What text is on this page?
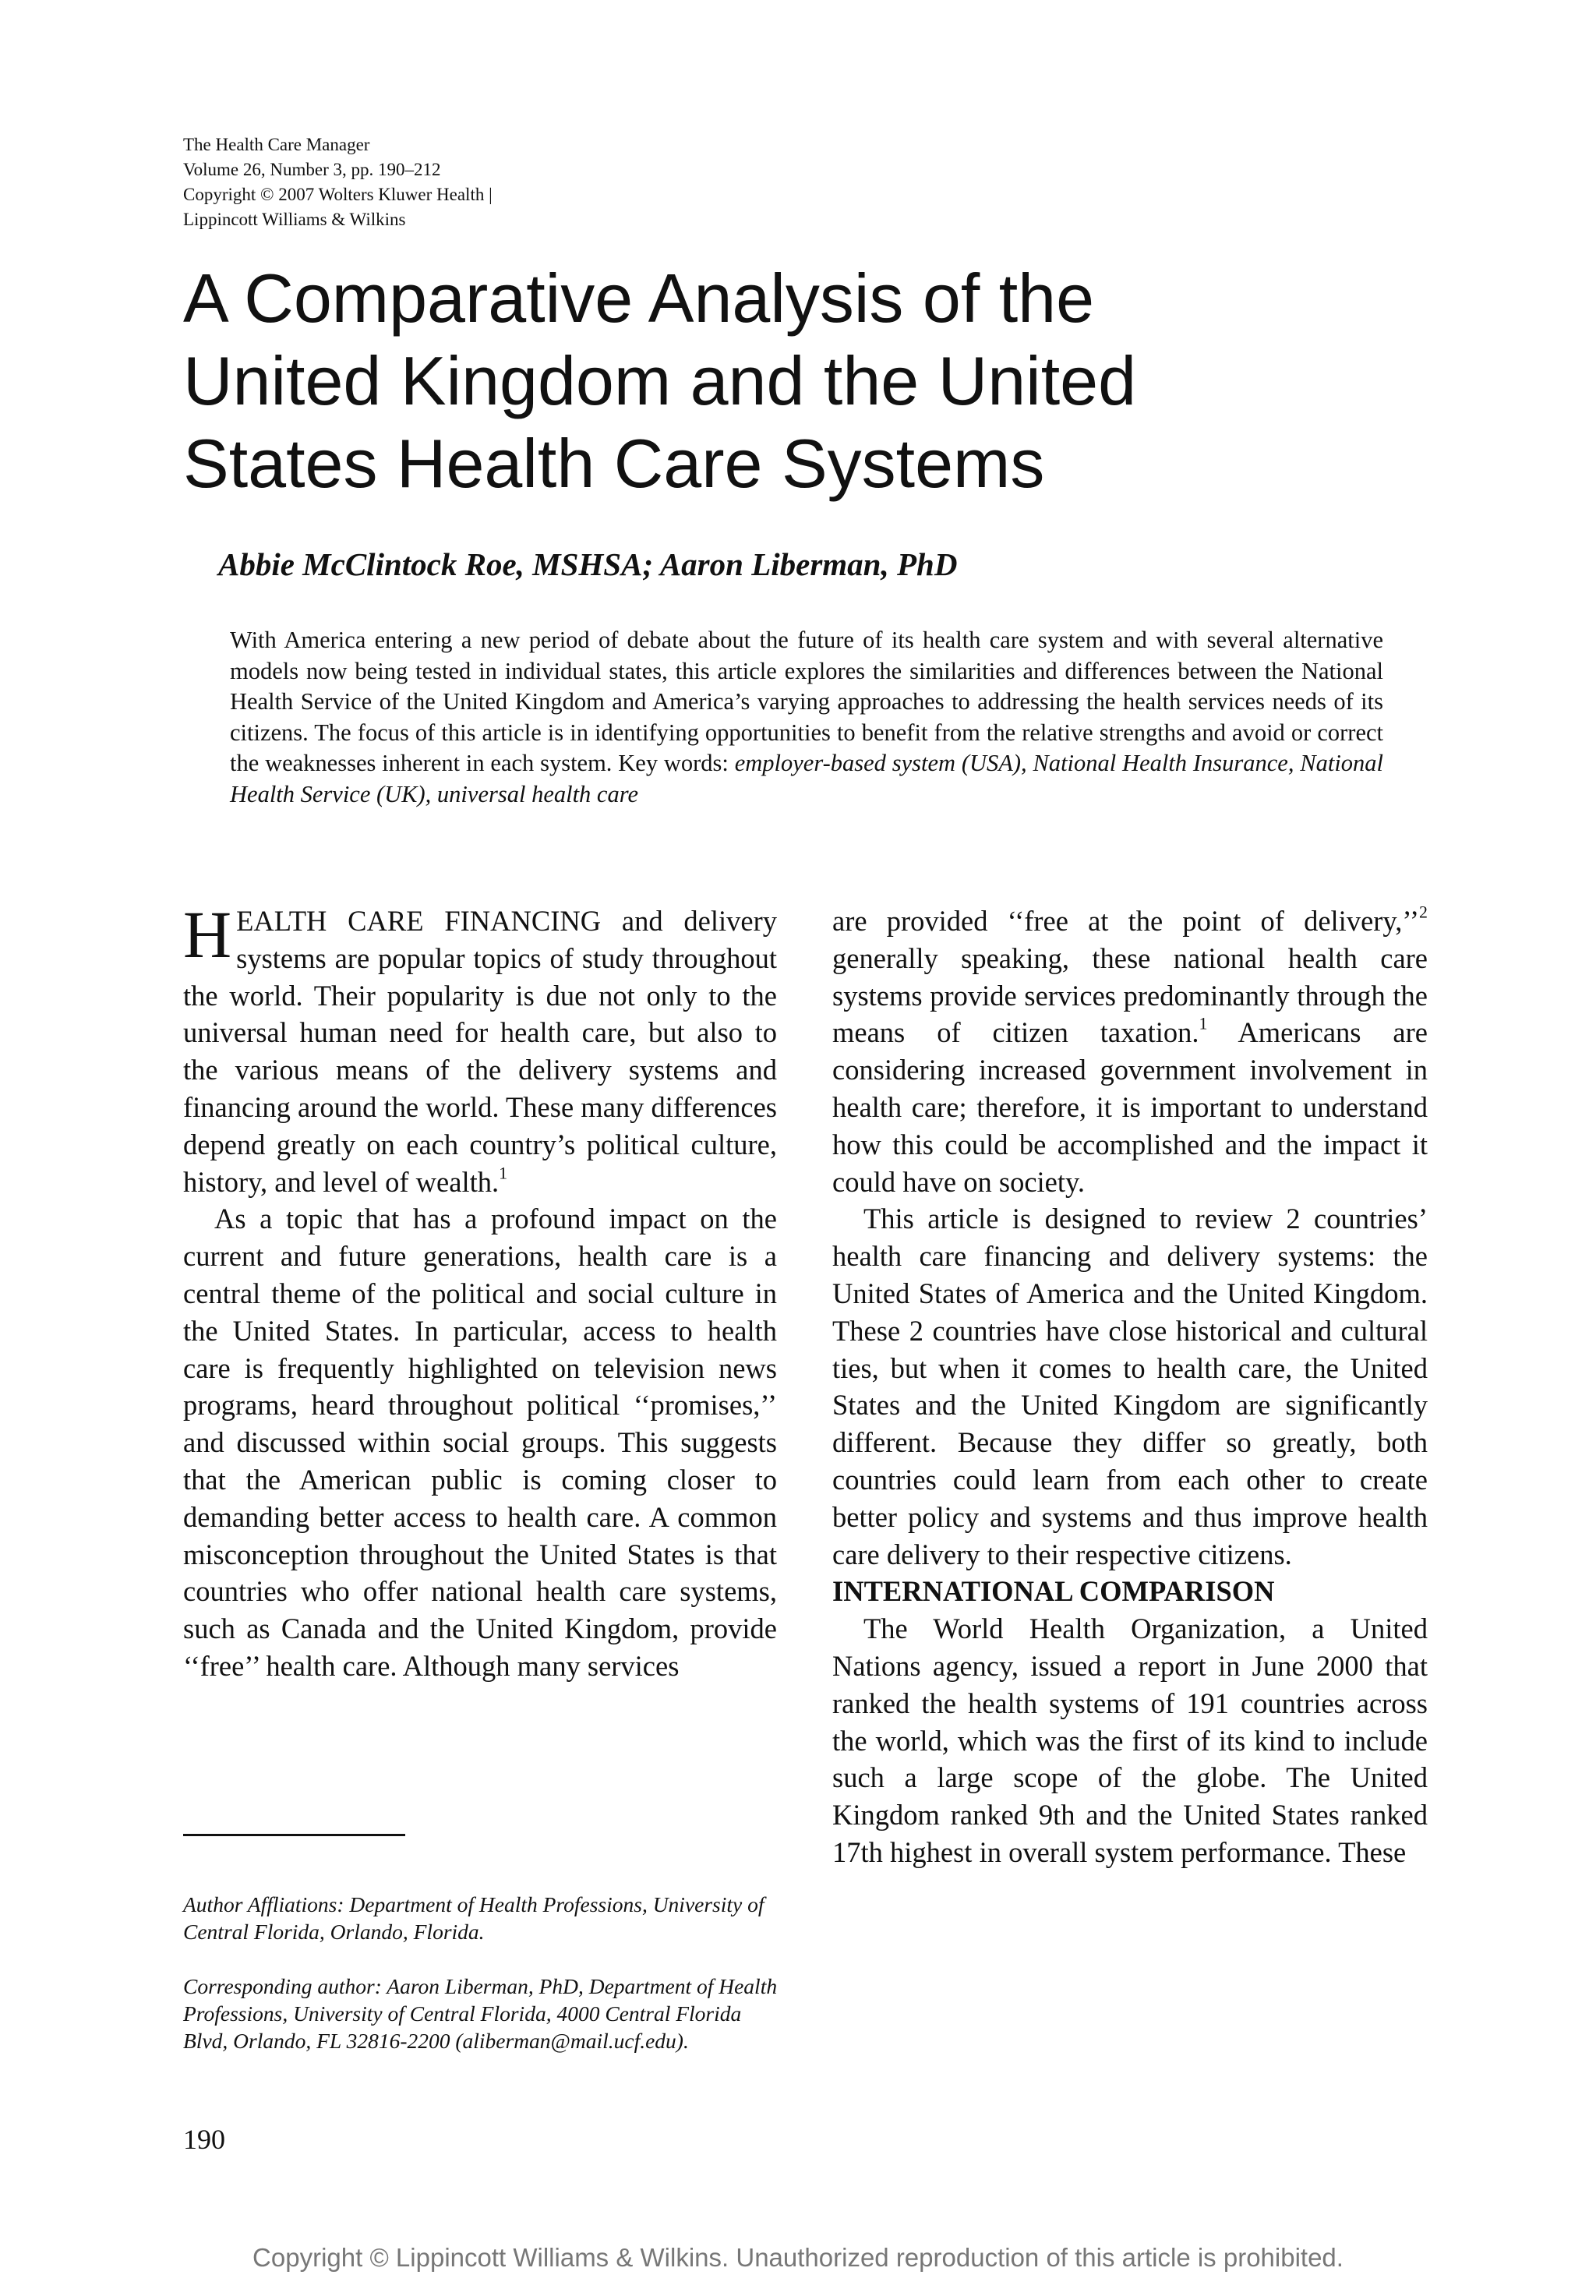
The Health Care Manager
Volume 26, Number 3, pp. 190–212
Copyright © 2007 Wolters Kluwer Health |
Lippincott Williams & Wilkins
A Comparative Analysis of the
United Kingdom and the United
States Health Care Systems
Abbie McClintock Roe, MSHSA; Aaron Liberman, PhD

With America entering a new period of debate about the future of its health care system and with several alternative models now being tested in individual states, this article explores the similarities and differences between the National Health Service of the United Kingdom and America’s varying approaches to addressing the health services needs of its citizens. The focus of this article is in identifying opportunities to benefit from the relative strengths and avoid or correct the weaknesses inherent in each system. Key words: employer-based system (USA), National Health Insurance, National Health Service (UK), universal health care

HEALTH CARE FINANCING and delivery systems are popular topics of study throughout the world. Their popularity is due not only to the universal human need for health care, but also to the various means of the delivery systems and financing around the world. These many differences depend greatly on each country’s political culture, history, and level of wealth.$^1$

As a topic that has a profound impact on the current and future generations, health care is a central theme of the political and social culture in the United States. In particular, access to health care is frequently highlighted on television news programs, heard throughout political ‘‘promises,’’ and discussed within social groups. This suggests that the American public is coming closer to demanding better access to health care. A common misconception throughout the United States is that countries who offer national health care systems, such as Canada and the United Kingdom, provide ‘‘free’’ health care. Although many services

are provided ‘‘free at the point of delivery,’’$^2$ generally speaking, these national health care systems provide services predominantly through the means of citizen taxation.$^1$ Americans are considering increased government involvement in health care; therefore, it is important to understand how this could be accomplished and the impact it could have on society.

This article is designed to review 2 countries’ health care financing and delivery systems: the United States of America and the United Kingdom. These 2 countries have close historical and cultural ties, but when it comes to health care, the United States and the United Kingdom are significantly different. Because they differ so greatly, both countries could learn from each other to create better policy and systems and thus improve health care delivery to their respective citizens.

INTERNATIONAL COMPARISON

The World Health Organization, a United Nations agency, issued a report in June 2000 that ranked the health systems of 191 countries across the world, which was the first of its kind to include such a large scope of the globe. The United Kingdom ranked 9th and the United States ranked 17th highest in overall system performance. These

Author Affliations: Department of Health Professions, University of Central Florida, Orlando, Florida.

Corresponding author: Aaron Liberman, PhD, Department of Health Professions, University of Central Florida, 4000 Central Florida Blvd, Orlando, FL 32816-2200 (aliberman@mail.ucf.edu).

190
Copyright © Lippincott Williams & Wilkins. Unauthorized reproduction of this article is prohibited.
